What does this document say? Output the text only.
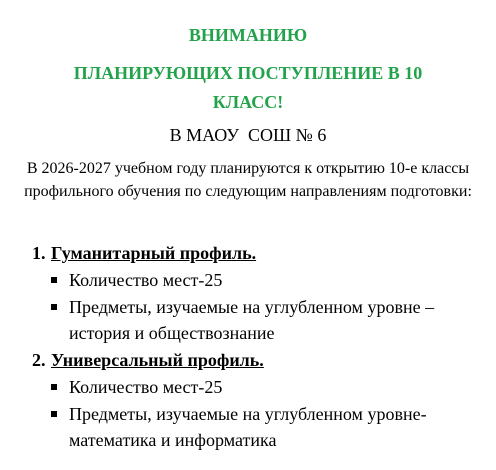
ВНИМАНИЮ
ПЛАНИРУЮЩИХ ПОСТУПЛЕНИЕ В 10
КЛАСС!
В МАОУ  СОШ № 6
В 2026-2027 учебном году планируются к открытию 10-е классы профильного обучения по следующим направлениям подготовки:
1. Гуманитарный профиль.
Количество мест-25
Предметы, изучаемые на углубленном уровне – история и обществознание
2. Универсальный профиль.
Количество мест-25
Предметы, изучаемые на углубленном уровне- математика и информатика
